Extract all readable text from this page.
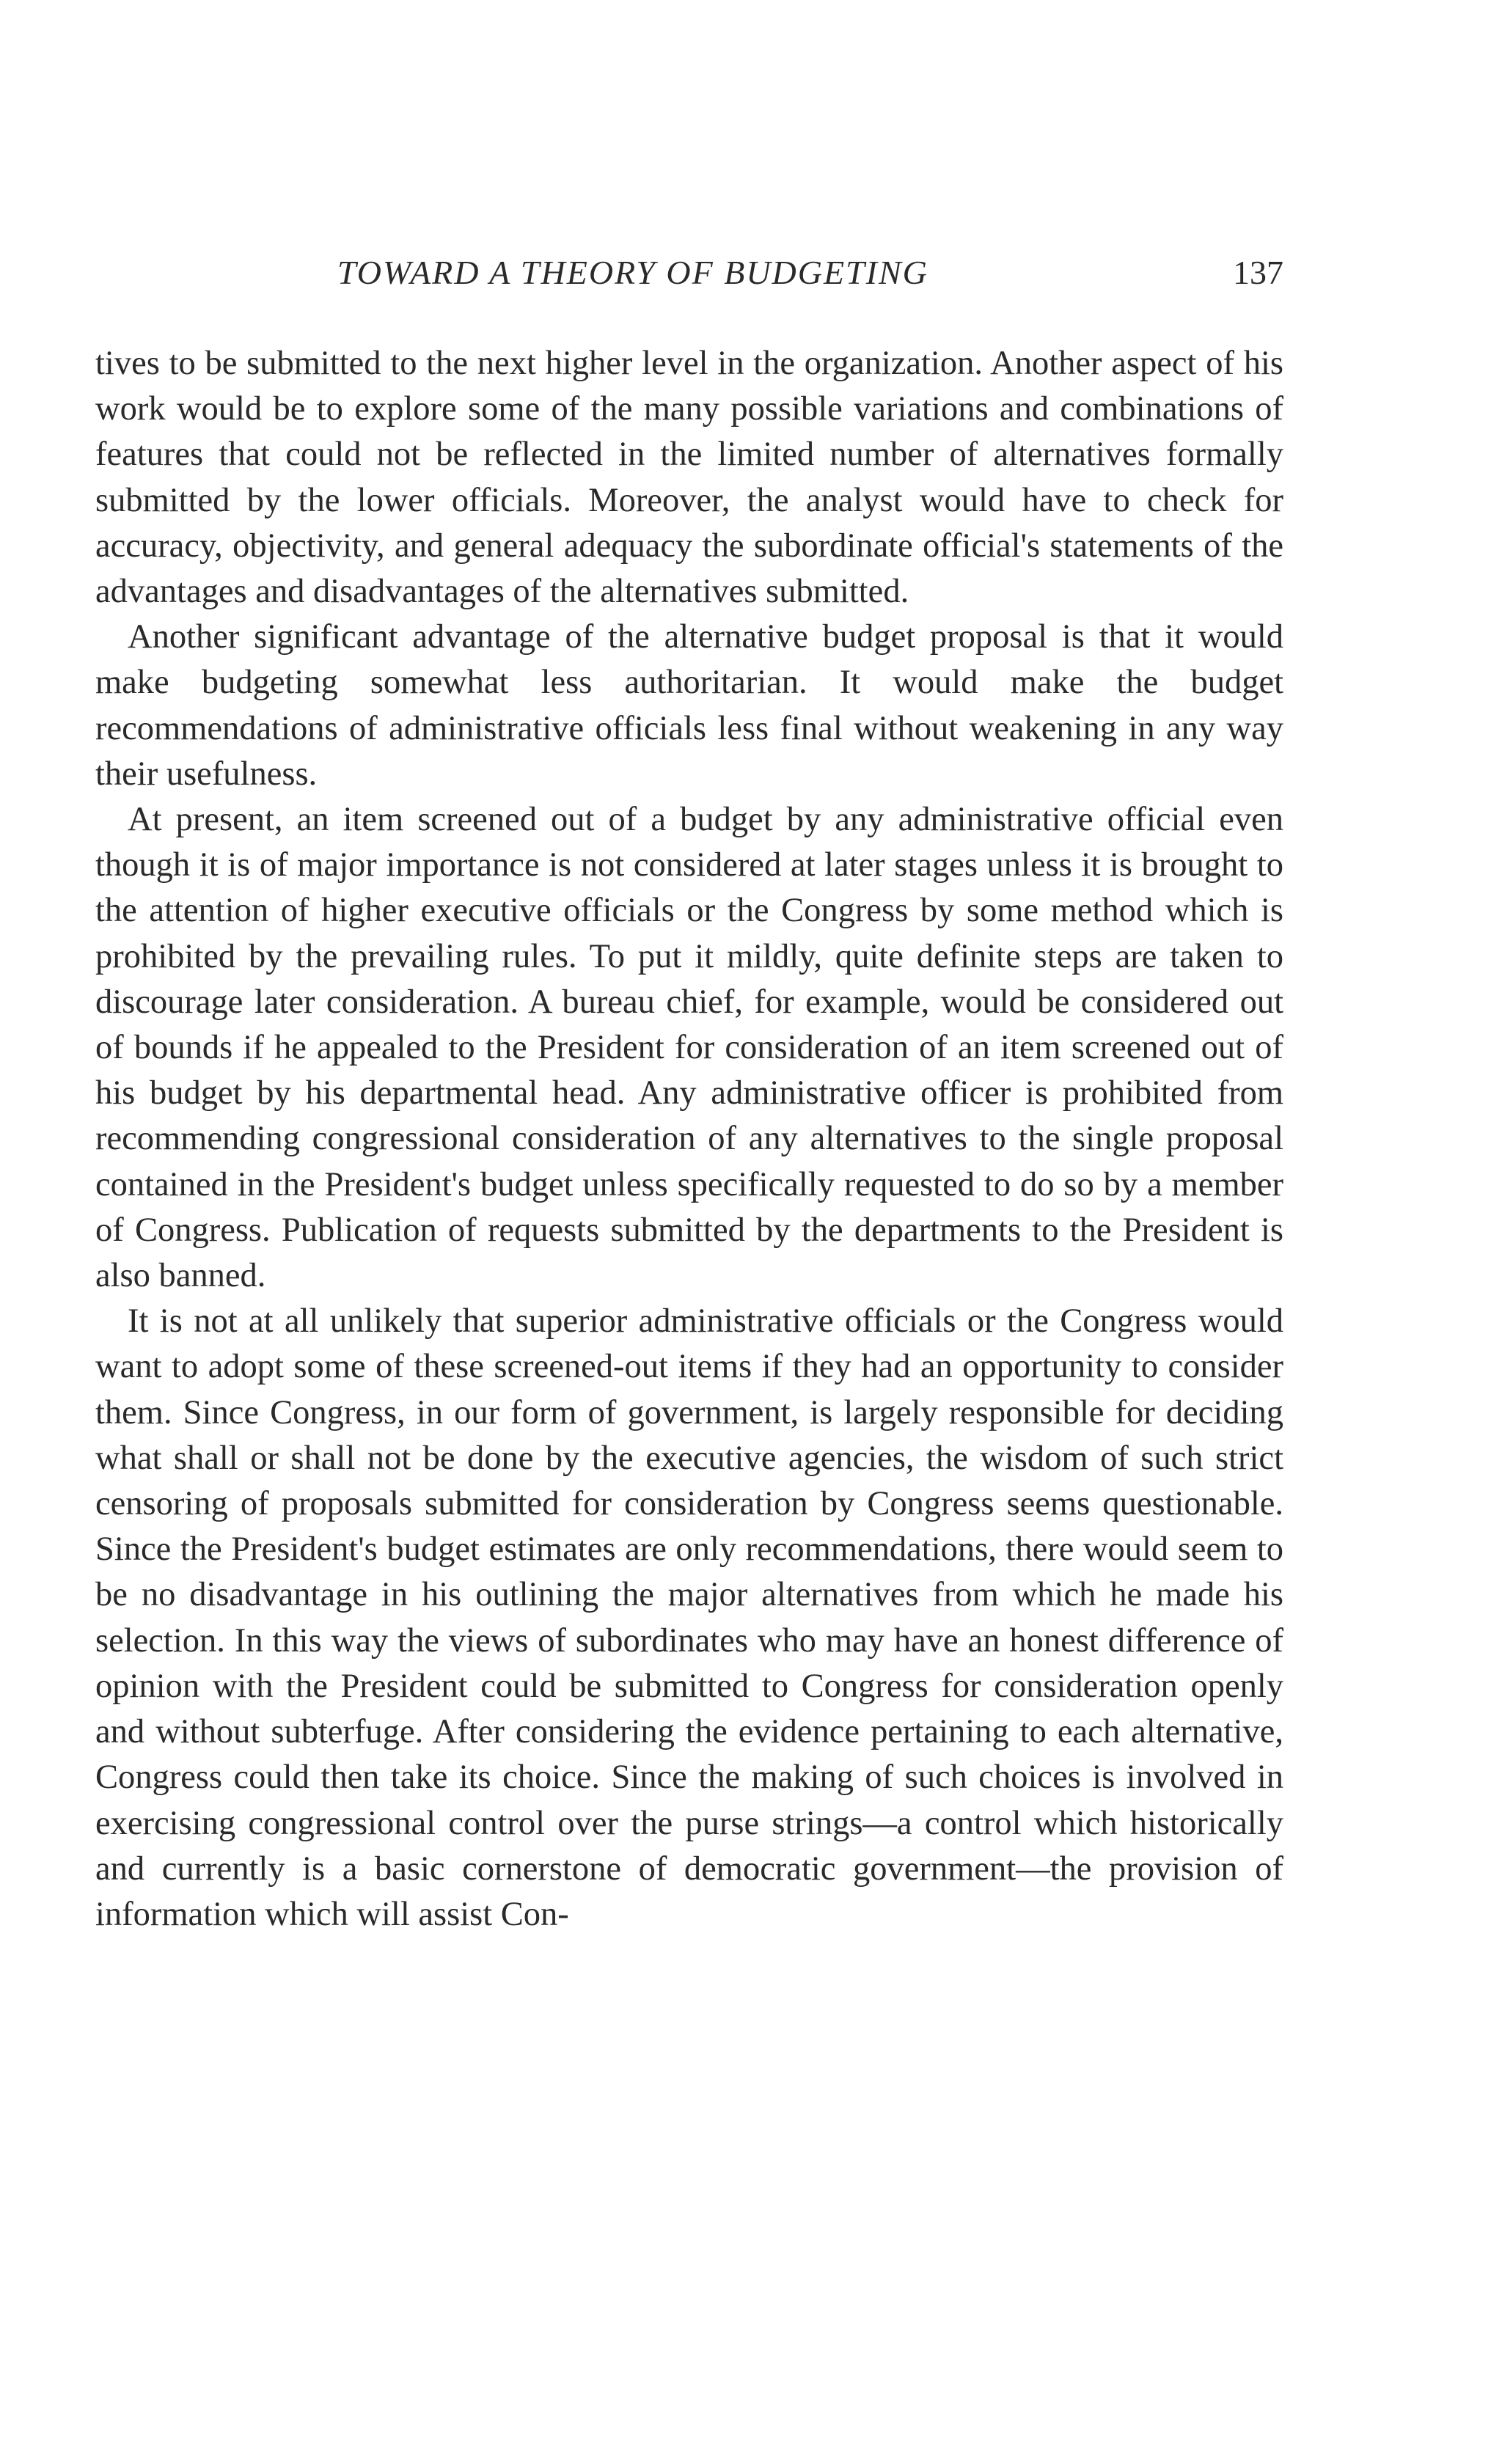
TOWARD A THEORY OF BUDGETING	137

tives to be submitted to the next higher level in the organization. Another aspect of his work would be to explore some of the many possible variations and combinations of features that could not be reflected in the limited number of alternatives formally submitted by the lower officials. Moreover, the analyst would have to check for accuracy, objectivity, and general adequacy the subordinate official's statements of the advantages and disadvantages of the alternatives submitted.

Another significant advantage of the alternative budget proposal is that it would make budgeting somewhat less authoritarian. It would make the budget recommendations of administrative officials less final without weakening in any way their usefulness.

At present, an item screened out of a budget by any administrative official even though it is of major importance is not considered at later stages unless it is brought to the attention of higher executive officials or the Congress by some method which is prohibited by the prevailing rules. To put it mildly, quite definite steps are taken to discourage later consideration. A bureau chief, for example, would be considered out of bounds if he appealed to the President for consideration of an item screened out of his budget by his departmental head. Any administrative officer is prohibited from recommending congressional consideration of any alternatives to the single proposal contained in the President's budget unless specifically requested to do so by a member of Congress. Publication of requests submitted by the departments to the President is also banned.

It is not at all unlikely that superior administrative officials or the Congress would want to adopt some of these screened-out items if they had an opportunity to consider them. Since Congress, in our form of government, is largely responsible for deciding what shall or shall not be done by the executive agencies, the wisdom of such strict censoring of proposals submitted for consideration by Congress seems questionable. Since the President's budget estimates are only recommendations, there would seem to be no disadvantage in his outlining the major alternatives from which he made his selection. In this way the views of subordinates who may have an honest difference of opinion with the President could be submitted to Congress for consideration openly and without subterfuge. After considering the evidence pertaining to each alternative, Congress could then take its choice. Since the making of such choices is involved in exercising congressional control over the purse strings—a control which historically and currently is a basic cornerstone of democratic government—the provision of information which will assist Con-
